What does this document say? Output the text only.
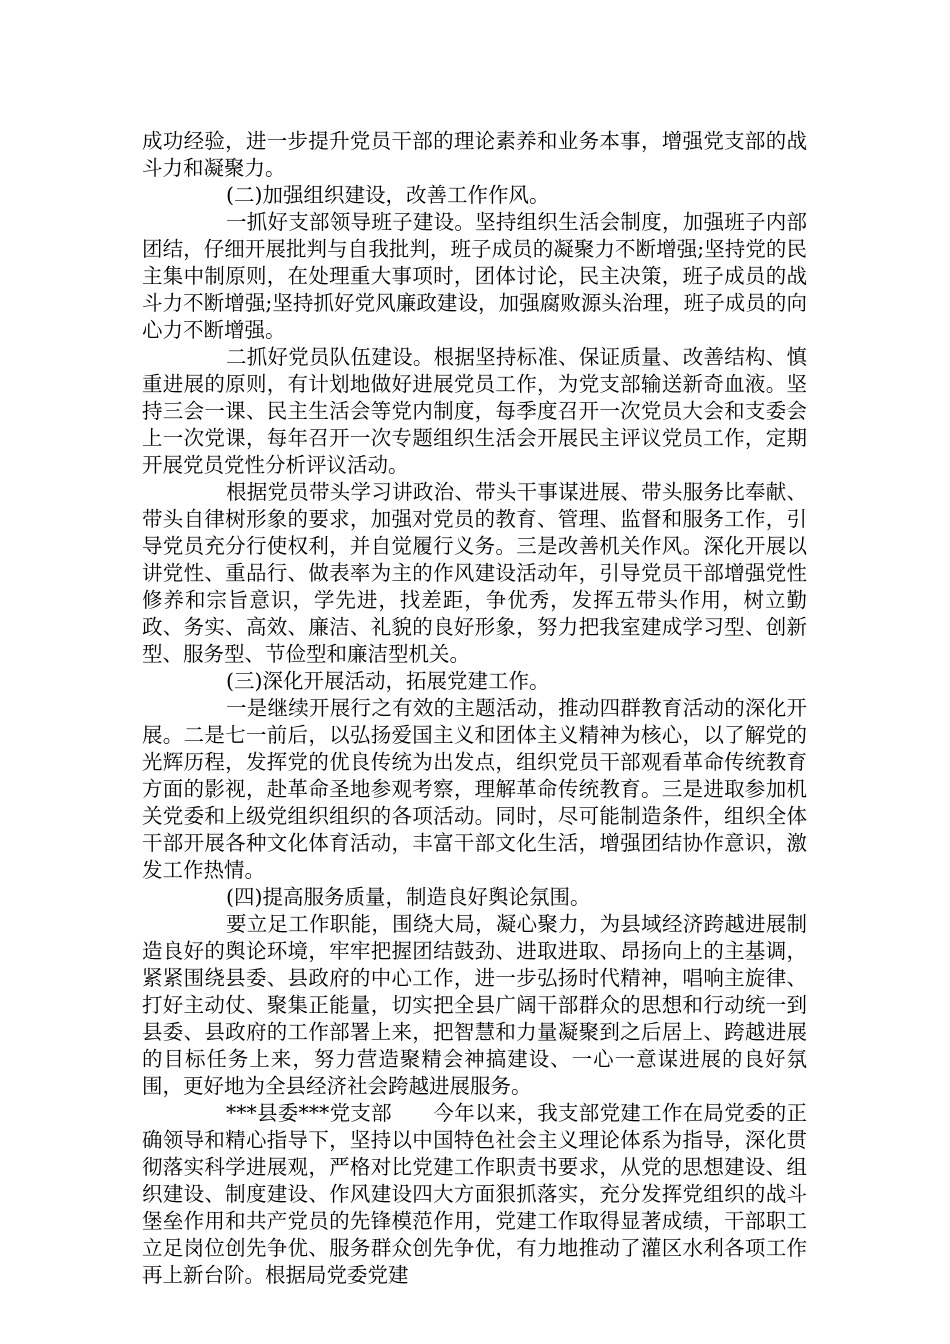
成功经验，进一步提升党员干部的理论素养和业务本事，增强党支部的战斗力和凝聚力。

(二)加强组织建设，改善工作作风。

一抓好支部领导班子建设。坚持组织生活会制度，加强班子内部团结，仔细开展批判与自我批判，班子成员的凝聚力不断增强;坚持党的民主集中制原则，在处理重大事项时，团体讨论，民主决策，班子成员的战斗力不断增强;坚持抓好党风廉政建设，加强腐败源头治理，班子成员的向心力不断增强。

二抓好党员队伍建设。根据坚持标准、保证质量、改善结构、慎重进展的原则，有计划地做好进展党员工作，为党支部输送新奇血液。坚持三会一课、民主生活会等党内制度，每季度召开一次党员大会和支委会上一次党课，每年召开一次专题组织生活会开展民主评议党员工作，定期开展党员党性分析评议活动。

根据党员带头学习讲政治、带头干事谋进展、带头服务比奉献、带头自律树形象的要求，加强对党员的教育、管理、监督和服务工作，引导党员充分行使权利，并自觉履行义务。三是改善机关作风。深化开展以讲党性、重品行、做表率为主的作风建设活动年，引导党员干部增强党性修养和宗旨意识，学先进，找差距，争优秀，发挥五带头作用，树立勤政、务实、高效、廉洁、礼貌的良好形象，努力把我室建成学习型、创新型、服务型、节俭型和廉洁型机关。

(三)深化开展活动，拓展党建工作。

一是继续开展行之有效的主题活动，推动四群教育活动的深化开展。二是七一前后，以弘扬爱国主义和团体主义精神为核心，以了解党的光辉历程，发挥党的优良传统为出发点，组织党员干部观看革命传统教育方面的影视，赴革命圣地参观考察，理解革命传统教育。三是进取参加机关党委和上级党组织组织的各项活动。同时，尽可能制造条件，组织全体干部开展各种文化体育活动，丰富干部文化生活，增强团结协作意识，激发工作热情。

(四)提高服务质量，制造良好舆论氛围。

要立足工作职能，围绕大局，凝心聚力，为县域经济跨越进展制造良好的舆论环境，牢牢把握团结鼓劲、进取进取、昂扬向上的主基调，紧紧围绕县委、县政府的中心工作，进一步弘扬时代精神，唱响主旋律、打好主动仗、聚集正能量，切实把全县广阔干部群众的思想和行动统一到县委、县政府的工作部署上来，把智慧和力量凝聚到之后居上、跨越进展的目标任务上来，努力营造聚精会神搞建设、一心一意谋进展的良好氛围，更好地为全县经济社会跨越进展服务。

***县委***党支部　　今年以来，我支部党建工作在局党委的正确领导和精心指导下，坚持以中国特色社会主义理论体系为指导，深化贯彻落实科学进展观，严格对比党建工作职责书要求，从党的思想建设、组织建设、制度建设、作风建设四大方面狠抓落实，充分发挥党组织的战斗堡垒作用和共产党员的先锋模范作用，党建工作取得显著成绩，干部职工立足岗位创先争优、服务群众创先争优，有力地推动了灌区水利各项工作再上新台阶。根据局党委党建
